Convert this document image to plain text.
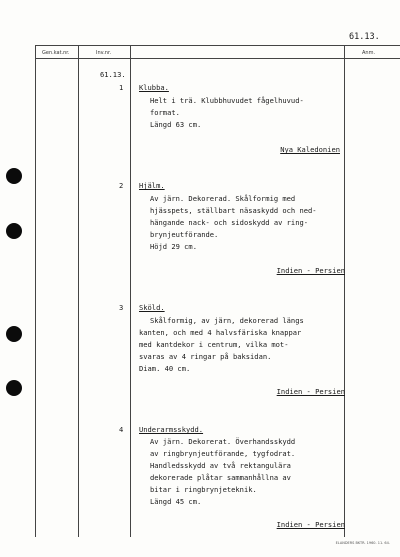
61.13.
Gen.kat.nr.	Inv.nr.	Anm.
61.13.
1 Klubba.
Helt i trä. Klubbhuvudet fågelhuvud-
format.
Längd 63 cm.
Nya Kaledonien
2 Hjälm.
Av järn. Dekorerad. Skålformig med
hjässpets, ställbart näsaskydd och ned-
hängande nack- och sidoskydd av ring-
brynjeutförande.
Höjd 29 cm.
Indien - Persien
3 Sköld.
Skålformig, av järn, dekorerad längs
kanten, och med 4 halvsfäriska knappar
med kantdekor i centrum, vilka mot-
svaras av 4 ringar på baksidan.
Diam. 40 cm.
Indien - Persien
4 Underarmsskydd.
Av järn. Dekorerat. Överhandsskydd
av ringbrynjeutförande, tygfodrat.
Handledsskydd av två rektangulära
dekorerade plåtar sammanhållna av
bitar i ringbrynjeteknik.
Längd 45 cm.
Indien - Persien
ELANDERS BKTR. 1960. 11. 64.
